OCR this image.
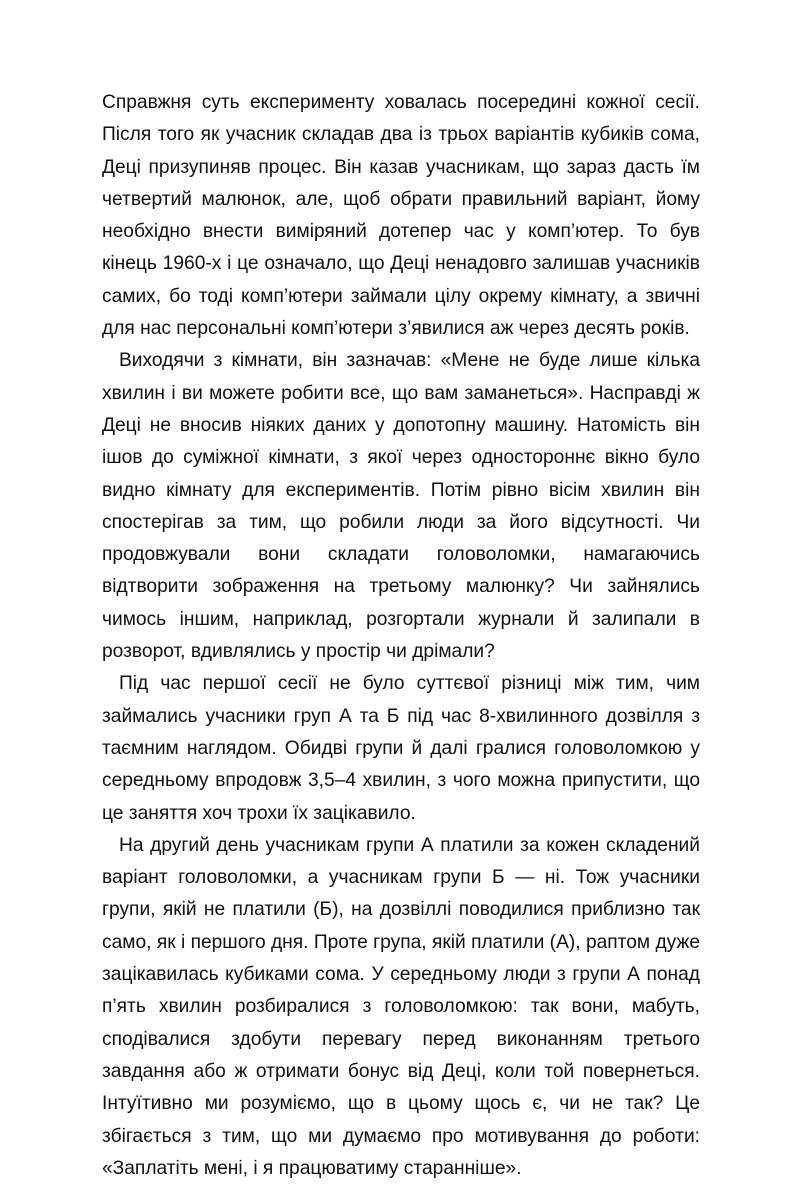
Справжня суть експерименту ховалась посередині кожної сесії. Після того як учасник складав два із трьох варіантів кубиків сома, Деці призупиняв процес. Він казав учасникам, що зараз дасть їм четвертий малюнок, але, щоб обрати правильний варіант, йому необхідно внести виміряний дотепер час у комп’ютер. То був кінець 1960-х і це означало, що Деці ненадовго залишав учасників самих, бо тоді комп’ютери займали цілу окрему кімнату, а звичні для нас персональні комп’ютери з’явилися аж через десять років.

Виходячи з кімнати, він зазначав: «Мене не буде лише кілька хвилин і ви можете робити все, що вам заманеться». Насправді ж Деці не вносив ніяких даних у допотопну машину. Натомість він ішов до суміжної кімнати, з якої через одностороннє вікно було видно кімнату для експериментів. Потім рівно вісім хвилин він спостерігав за тим, що робили люди за його відсутності. Чи продовжували вони складати головоломки, намагаючись відтворити зображення на третьому малюнку? Чи зайнялись чимось іншим, наприклад, розгортали журнали й залипали в розворот, вдивлялись у простір чи дрімали?

Під час першої сесії не було суттєвої різниці між тим, чим займались учасники груп А та Б під час 8-хвилинного дозвілля з таємним наглядом. Обидві групи й далі гралися головоломкою у середньому впродовж 3,5–4 хвилин, з чого можна припустити, що це заняття хоч трохи їх зацікавило.

На другий день учасникам групи А платили за кожен складений варіант головоломки, а учасникам групи Б — ні. Тож учасники групи, якій не платили (Б), на дозвіллі поводилися приблизно так само, як і першого дня. Проте група, якій платили (А), раптом дуже зацікавилась кубиками сома. У середньому люди з групи А понад п’ять хвилин розбиралися з головоломкою: так вони, мабуть, сподівалися здобути перевагу перед виконанням третього завдання або ж отримати бонус від Деці, коли той повернеться. Інтуїтивно ми розуміємо, що в цьому щось є, чи не так? Це збігається з тим, що ми думаємо про мотивування до роботи: «Заплатіть мені, і я працюватиму старанніше».
